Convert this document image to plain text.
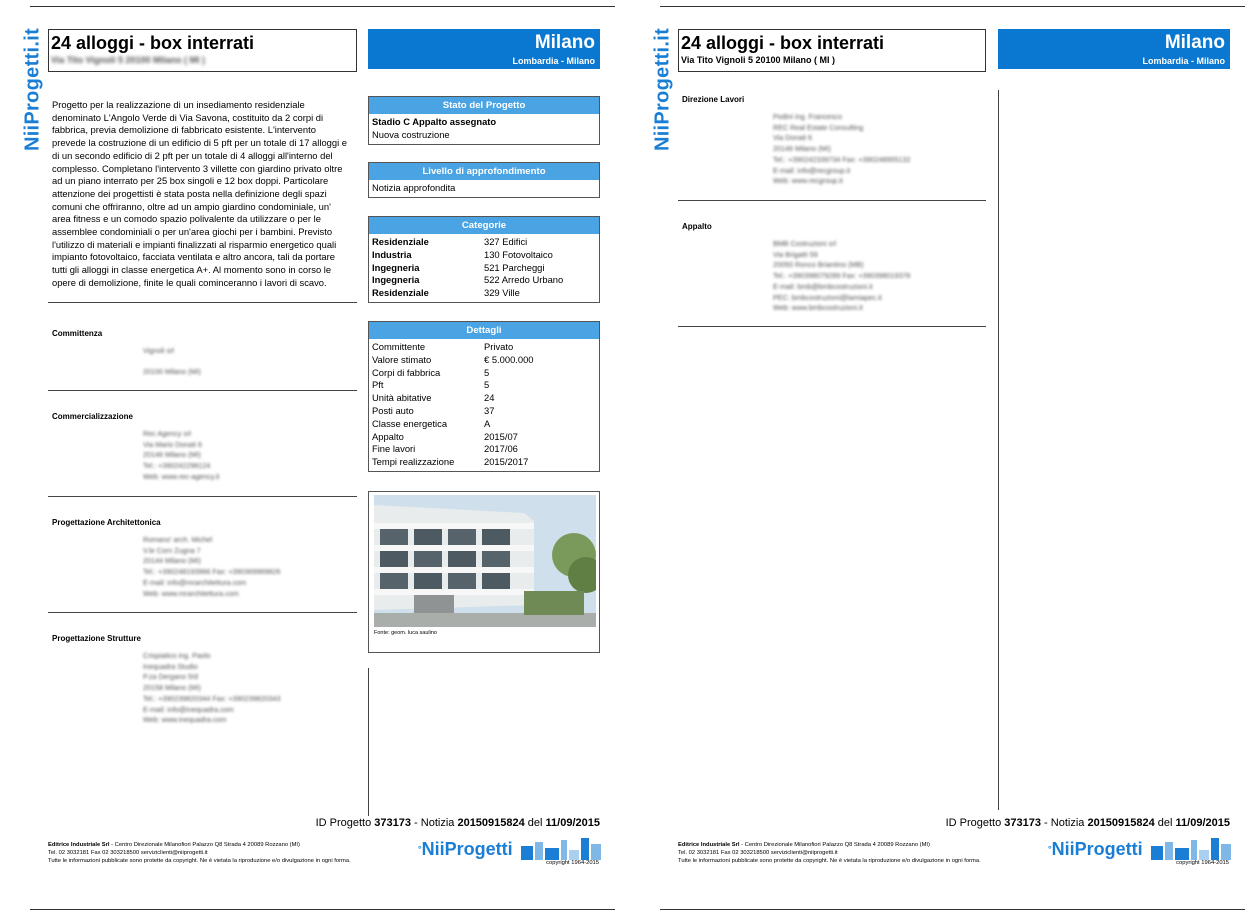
NiiProgetti.it 24 alloggi - box interrati
Via Tito Vignoli 5 20100 Milano ( MI )
Milano
Lombardia - Milano
Progetto per la realizzazione di un insediamento residenziale denominato L'Angolo Verde di Via Savona, costituito da 2 corpi di fabbrica, previa demolizione di fabbricato esistente. L'intervento prevede la costruzione di un edificio di 5 pft per un totale di 17 alloggi e di un secondo edificio di 2 pft per un totale di 4 alloggi all'interno del complesso. Completano l'intervento 3 villette con giardino privato oltre ad un piano interrato per 25 box singoli e 12 box doppi. Particolare attenzione dei progettisti è stata posta nella definizione degli spazi comuni che offriranno, oltre ad un ampio giardino condominiale, un' area fitness e un comodo spazio polivalente da utilizzare o per le assemblee condominiali o per un'area giochi per i bambini. Previsto l'utilizzo di materiali e impianti finalizzati al risparmio energetico quali impianto fotovoltaico, facciata ventilata e altro ancora, tali da portare tutti gli alloggi in classe energetica A+. Al momento sono in corso le opere di demolizione, finite le quali cominceranno i lavori di scavo.
Committenza
Vignoli srl
20100 Milano (MI)
Commercializzazione
Rec Agency srl
Via Mario Donati 6
20146 Milano (MI)
Tel.: +390242298124
Web: www.rec-agency.it
Progettazione Architettonica
Romano' arch. Michel
V.le Corn Zugna 7
20144 Milano (MI)
Tel.: +390248193966 Fax: +390369969826
E-mail: info@mrarchitettura.com
Web: www.mrarchitettura.com
Progettazione Strutture
Crispiatico ing. Paolo
Inequadra Studio
P.za Dergano 5/d
20158 Milano (MI)
Tel.: +390239820344 Fax: +390239820343
E-mail: info@inequadra.com
Web: www.inequadra.com
Stato del Progetto
Stadio C Appalto assegnato
Nuova costruzione
Livello di approfondimento
Notizia approfondita
Categorie
Residenziale	327 Edifici
Industria	130 Fotovoltaico
Ingegneria	521 Parcheggi
Ingegneria	522 Arredo Urbano
Residenziale	329 Ville
Dettagli
Committente	Privato
Valore stimato	€ 5.000.000
Corpi di fabbrica	5
Pft	5
Unità abitative	24
Posti auto	37
Classe energetica	A
Appalto	2015/07
Fine lavori	2017/06
Tempi realizzazione	2015/2017
Fonte: geom. luca saulino
ID Progetto 373173 - Notizia 20150915824 del 11/09/2015
Editrice Industriale Srl - Centro Direzionale Milanofiori Palazzo Q8 Strada 4 20089 Rozzano (MI)
Tel. 02 3032181 Fax 02 303218500 serviziclienti@niiprogetti.it
Tutte le informazioni pubblicate sono protette da copyright. Ne è vietata la riproduzione e/o divulgazione in ogni forma.
°NiiProgetti
copyright 1964-2015
NiiProgetti.it 24 alloggi - box interrati
Via Tito Vignoli 5 20100 Milano ( MI )
Milano
Lombardia - Milano
Direzione Lavori
Podini ing. Francesco
REC Real Estate Consulting
Via Donati 6
20146 Milano (MI)
Tel.: +390242339734 Fax: +390248955132
E-mail: info@recgroup.it
Web: www.recgroup.it
Appalto
BMB Costruzioni srl
Via Brigatti 59
20050 Ronco Briantino (MB)
Tel.: +390398079289 Fax: +390398019376
E-mail: bmb@bmbcostruzioni.it
PEC: bmbcostruzioni@lamiapec.it
Web: www.bmbcostruzioni.it
ID Progetto 373173 - Notizia 20150915824 del 11/09/2015
Editrice Industriale Srl - Centro Direzionale Milanofiori Palazzo Q8 Strada 4 20089 Rozzano (MI)
Tel. 02 3032181 Fax 02 303218500 serviziclienti@niiprogetti.it
Tutte le informazioni pubblicate sono protette da copyright. Ne è vietata la riproduzione e/o divulgazione in ogni forma.
°NiiProgetti
copyright 1964-2015
